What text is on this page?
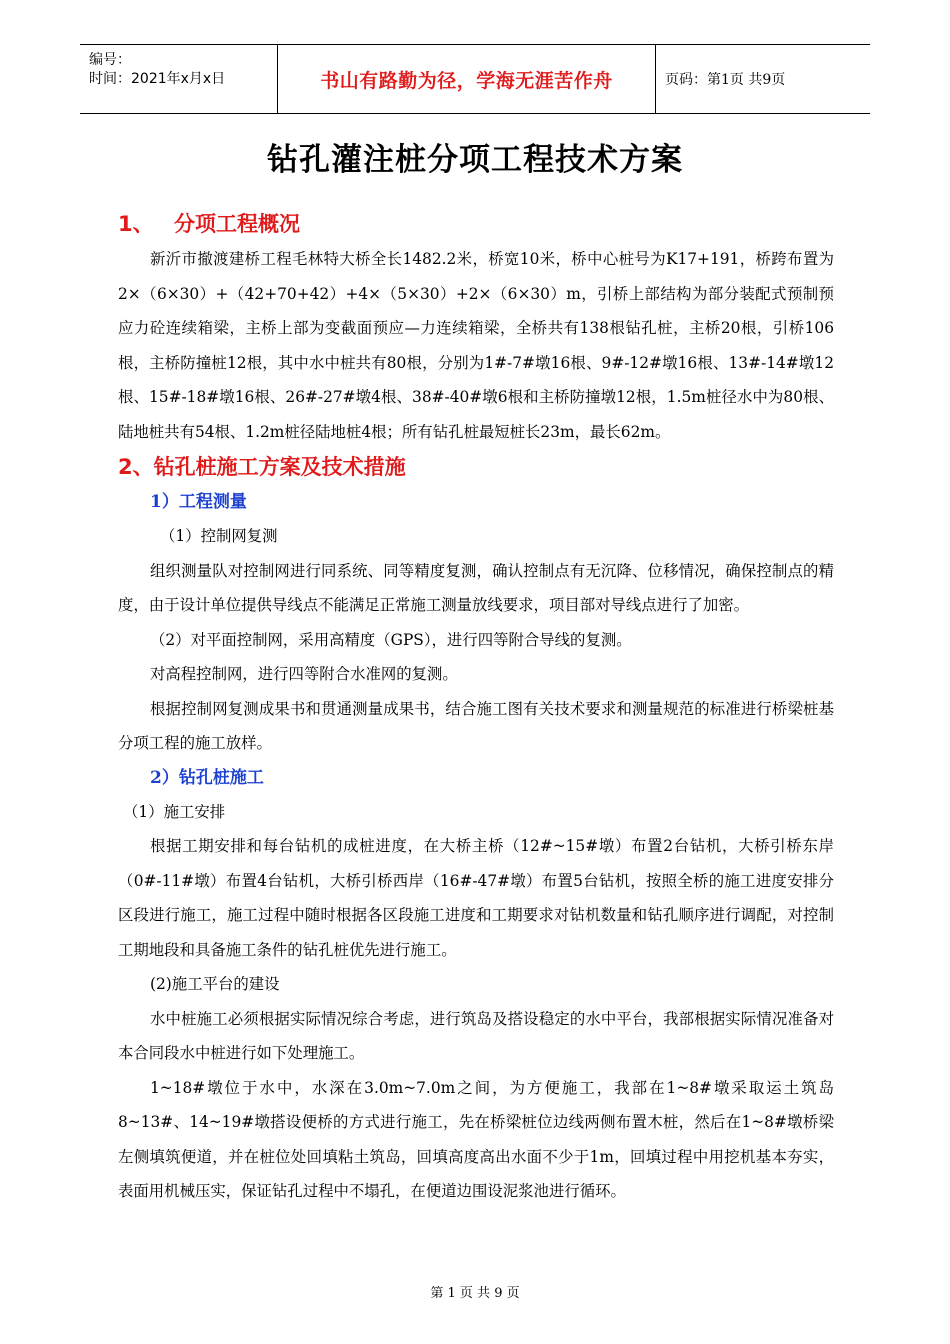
编号：
时间：2021年x月x日	书山有路勤为径，学海无涯苦作舟	页码：第1页 共9页
钻孔灌注桩分项工程技术方案
1、 分项工程概况

新沂市撤渡建桥工程毛林特大桥全长1482.2米，桥宽10米，桥中心桩号为K17+191，桥跨布置为2×（6×30）+（42+70+42）+4×（5×30）+2×（6×30）m，引桥上部结构为部分装配式预制预应力砼连续箱梁，主桥上部为变截面预应—力连续箱梁，全桥共有138根钻孔桩，主桥20根，引桥106根，主桥防撞桩12根，其中水中桩共有80根，分别为1#-7#墩16根、9#-12#墩16根、13#-14#墩12根、15#-18#墩16根、26#-27#墩4根、38#-40#墩6根和主桥防撞墩12根，1.5m桩径水中为80根、陆地桩共有54根、1.2m桩径陆地桩4根；所有钻孔桩最短桩长23m，最长62m。

2、钻孔桩施工方案及技术措施
1）工程测量

（1）控制网复测

组织测量队对控制网进行同系统、同等精度复测，确认控制点有无沉降、位移情况，确保控制点的精度，由于设计单位提供导线点不能满足正常施工测量放线要求，项目部对导线点进行了加密。

（2）对平面控制网，采用高精度（GPS），进行四等附合导线的复测。

对高程控制网，进行四等附合水准网的复测。

根据控制网复测成果书和贯通测量成果书，结合施工图有关技术要求和测量规范的标准进行桥梁桩基分项工程的施工放样。

2）钻孔桩施工

（1）施工安排

根据工期安排和每台钻机的成桩进度，在大桥主桥（12#~15#墩）布置2台钻机，大桥引桥东岸（0#-11#墩）布置4台钻机，大桥引桥西岸（16#-47#墩）布置5台钻机，按照全桥的施工进度安排分区段进行施工，施工过程中随时根据各区段施工进度和工期要求对钻机数量和钻孔顺序进行调配，对控制工期地段和具备施工条件的钻孔桩优先进行施工。

(2)施工平台的建设

水中桩施工必须根据实际情况综合考虑，进行筑岛及搭设稳定的水中平台，我部根据实际情况准备对本合同段水中桩进行如下处理施工。

1~18#墩位于水中，水深在3.0m~7.0m之间，为方便施工，我部在1~8#墩采取运土筑岛8~13#、14~19#墩搭设便桥的方式进行施工，先在桥梁桩位边线两侧布置木桩，然后在1~8#墩桥梁左侧填筑便道，并在桩位处回填粘土筑岛，回填高度高出水面不少于1m，回填过程中用挖机基本夯实，表面用机械压实，保证钻孔过程中不塌孔，在便道边围设泥浆池进行循环。

第 1 页 共 9 页
